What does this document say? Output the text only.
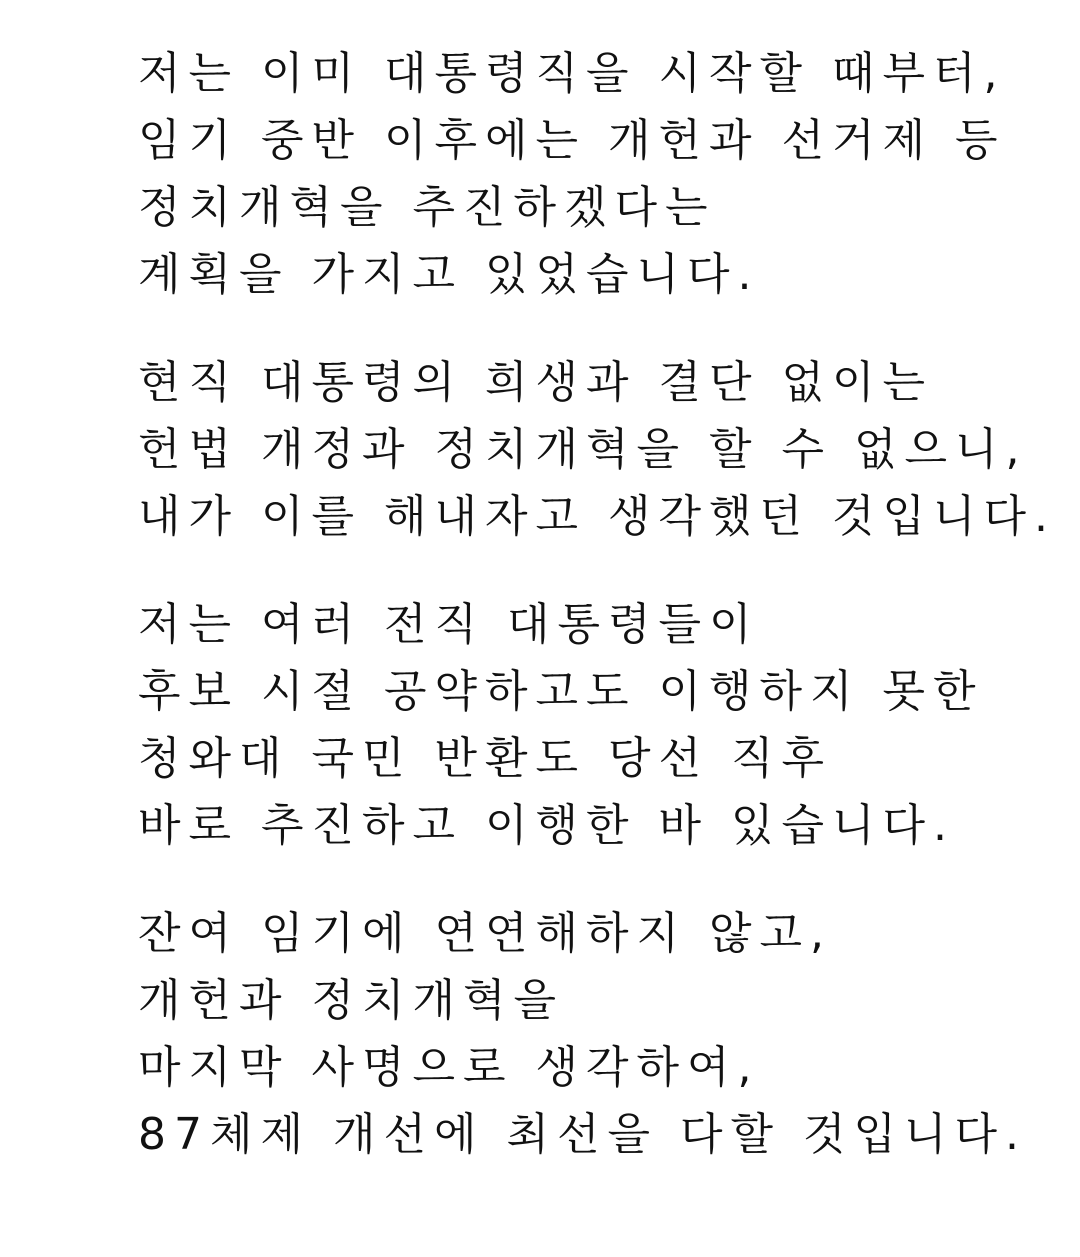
저는 이미 대통령직을 시작할 때부터,
임기 중반 이후에는 개헌과 선거제 등
정치개혁을 추진하겠다는
계획을 가지고 있었습니다.
현직 대통령의 희생과 결단 없이는
헌법 개정과 정치개혁을 할 수 없으니,
내가 이를 해내자고 생각했던 것입니다.
저는 여러 전직 대통령들이
후보 시절 공약하고도 이행하지 못한
청와대 국민 반환도 당선 직후
바로 추진하고 이행한 바 있습니다.
잔여 임기에 연연해하지 않고,
개헌과 정치개혁을
마지막 사명으로 생각하여,
87체제 개선에 최선을 다할 것입니다.
